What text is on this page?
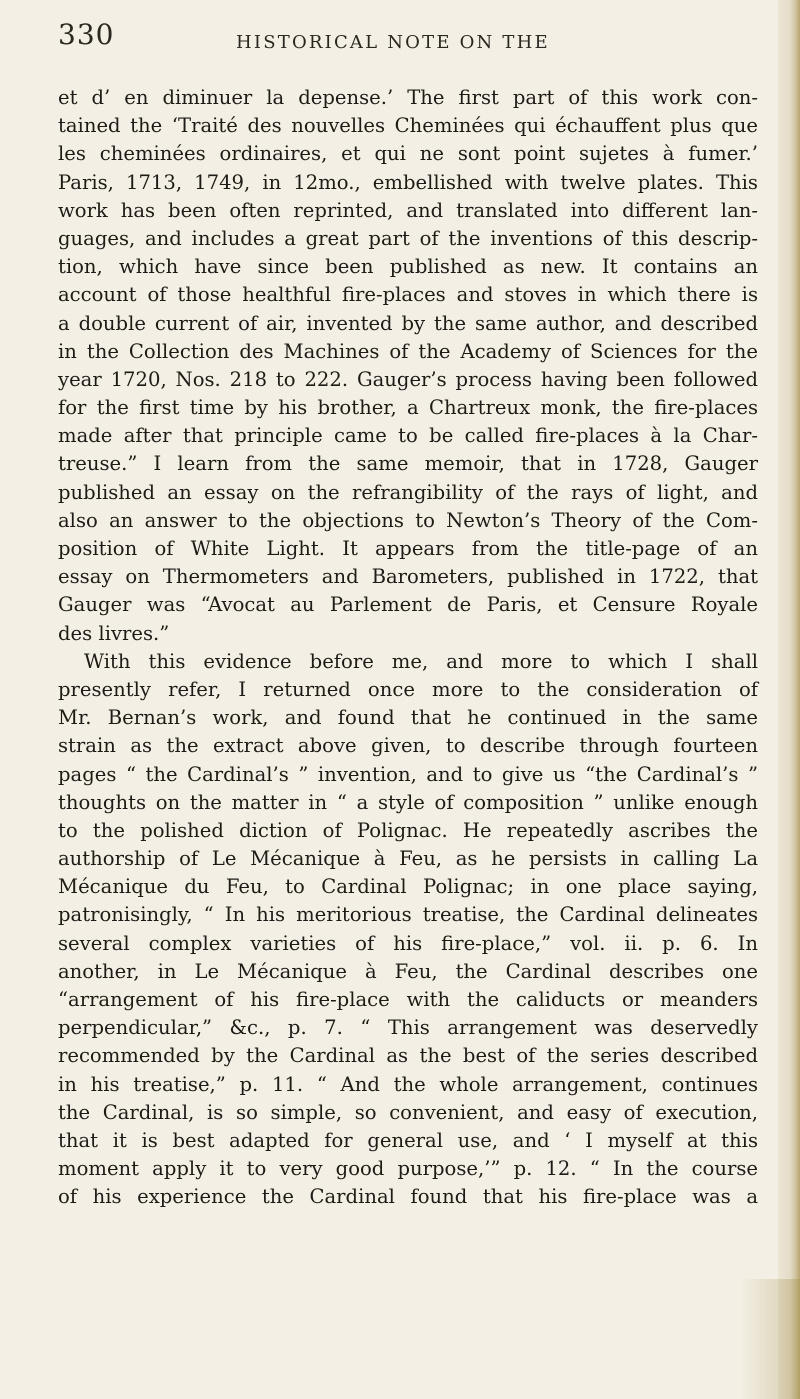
330	HISTORICAL NOTE ON THE
et d’ en diminuer la depense.’ The first part of this work con-
tained the ‘Traité des nouvelles Cheminées qui échauffent plus que
les cheminées ordinaires, et qui ne sont point sujetes à fumer.’
Paris, 1713, 1749, in 12mo., embellished with twelve plates. This
work has been often reprinted, and translated into different lan-
guages, and includes a great part of the inventions of this descrip-
tion, which have since been published as new. It contains an
account of those healthful fire-places and stoves in which there is
a double current of air, invented by the same author, and described
in the Collection des Machines of the Academy of Sciences for the
year 1720, Nos. 218 to 222. Gauger’s process having been followed
for the first time by his brother, a Chartreux monk, the fire-places
made after that principle came to be called fire-places à la Char-
treuse.” I learn from the same memoir, that in 1728, Gauger
published an essay on the refrangibility of the rays of light, and
also an answer to the objections to Newton’s Theory of the Com-
position of White Light. It appears from the title-page of an
essay on Thermometers and Barometers, published in 1722, that
Gauger was “Avocat au Parlement de Paris, et Censure Royale
des livres.”
With this evidence before me, and more to which I shall
presently refer, I returned once more to the consideration of
Mr. Bernan’s work, and found that he continued in the same
strain as the extract above given, to describe through fourteen
pages “ the Cardinal’s ” invention, and to give us “the Cardinal’s ”
thoughts on the matter in “ a style of composition ” unlike enough
to the polished diction of Polignac. He repeatedly ascribes the
authorship of Le Mécanique à Feu, as he persists in calling La
Mécanique du Feu, to Cardinal Polignac; in one place saying,
patronisingly, “ In his meritorious treatise, the Cardinal delineates
several complex varieties of his fire-place,” vol. ii. p. 6. In
another, in Le Mécanique à Feu, the Cardinal describes one
“arrangement of his fire-place with the caliducts or meanders
perpendicular,” &c., p. 7. “ This arrangement was deservedly
recommended by the Cardinal as the best of the series described
in his treatise,” p. 11. “ And the whole arrangement, continues
the Cardinal, is so simple, so convenient, and easy of execution,
that it is best adapted for general use, and ‘ I myself at this
moment apply it to very good purpose,’” p. 12. “ In the course
of his experience the Cardinal found that his fire-place was a
